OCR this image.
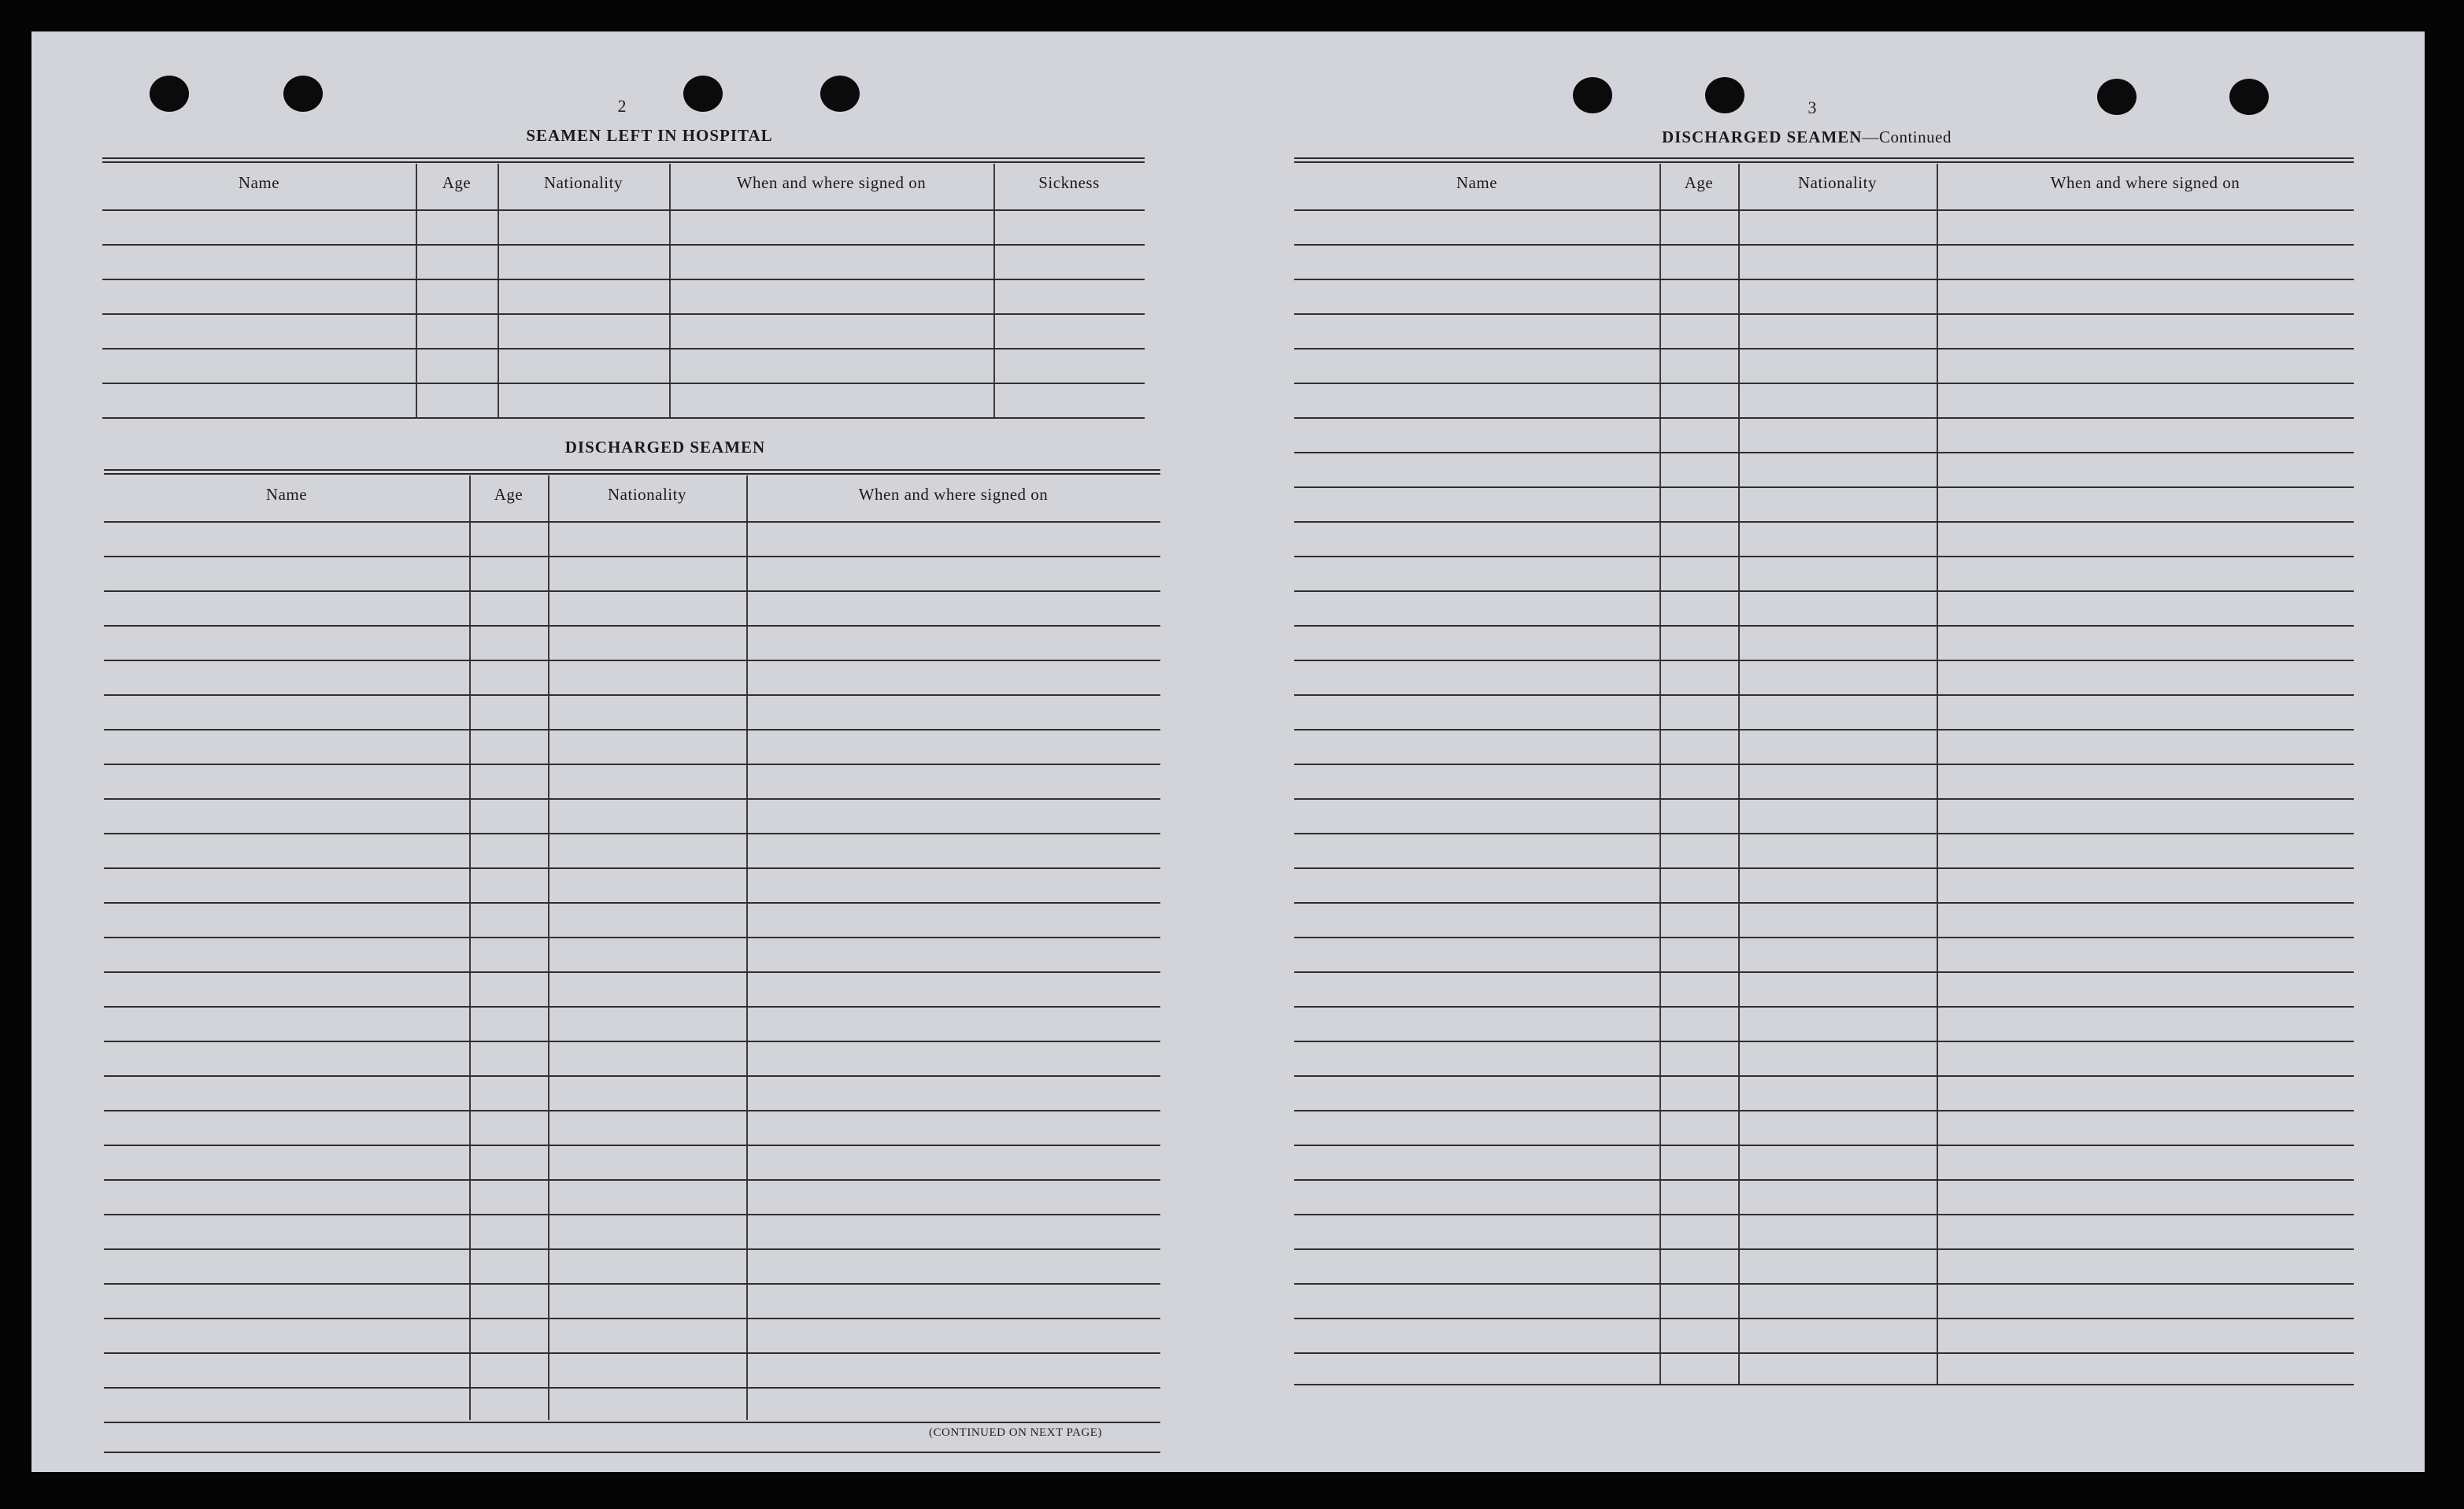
2
SEAMEN LEFT IN HOSPITAL
Name	Age	Nationality	When and where signed on	Sickness
DISCHARGED SEAMEN
Name	Age	Nationality	When and where signed on
(CONTINUED ON NEXT PAGE)
3
DISCHARGED SEAMEN—Continued
Name	Age	Nationality	When and where signed on
